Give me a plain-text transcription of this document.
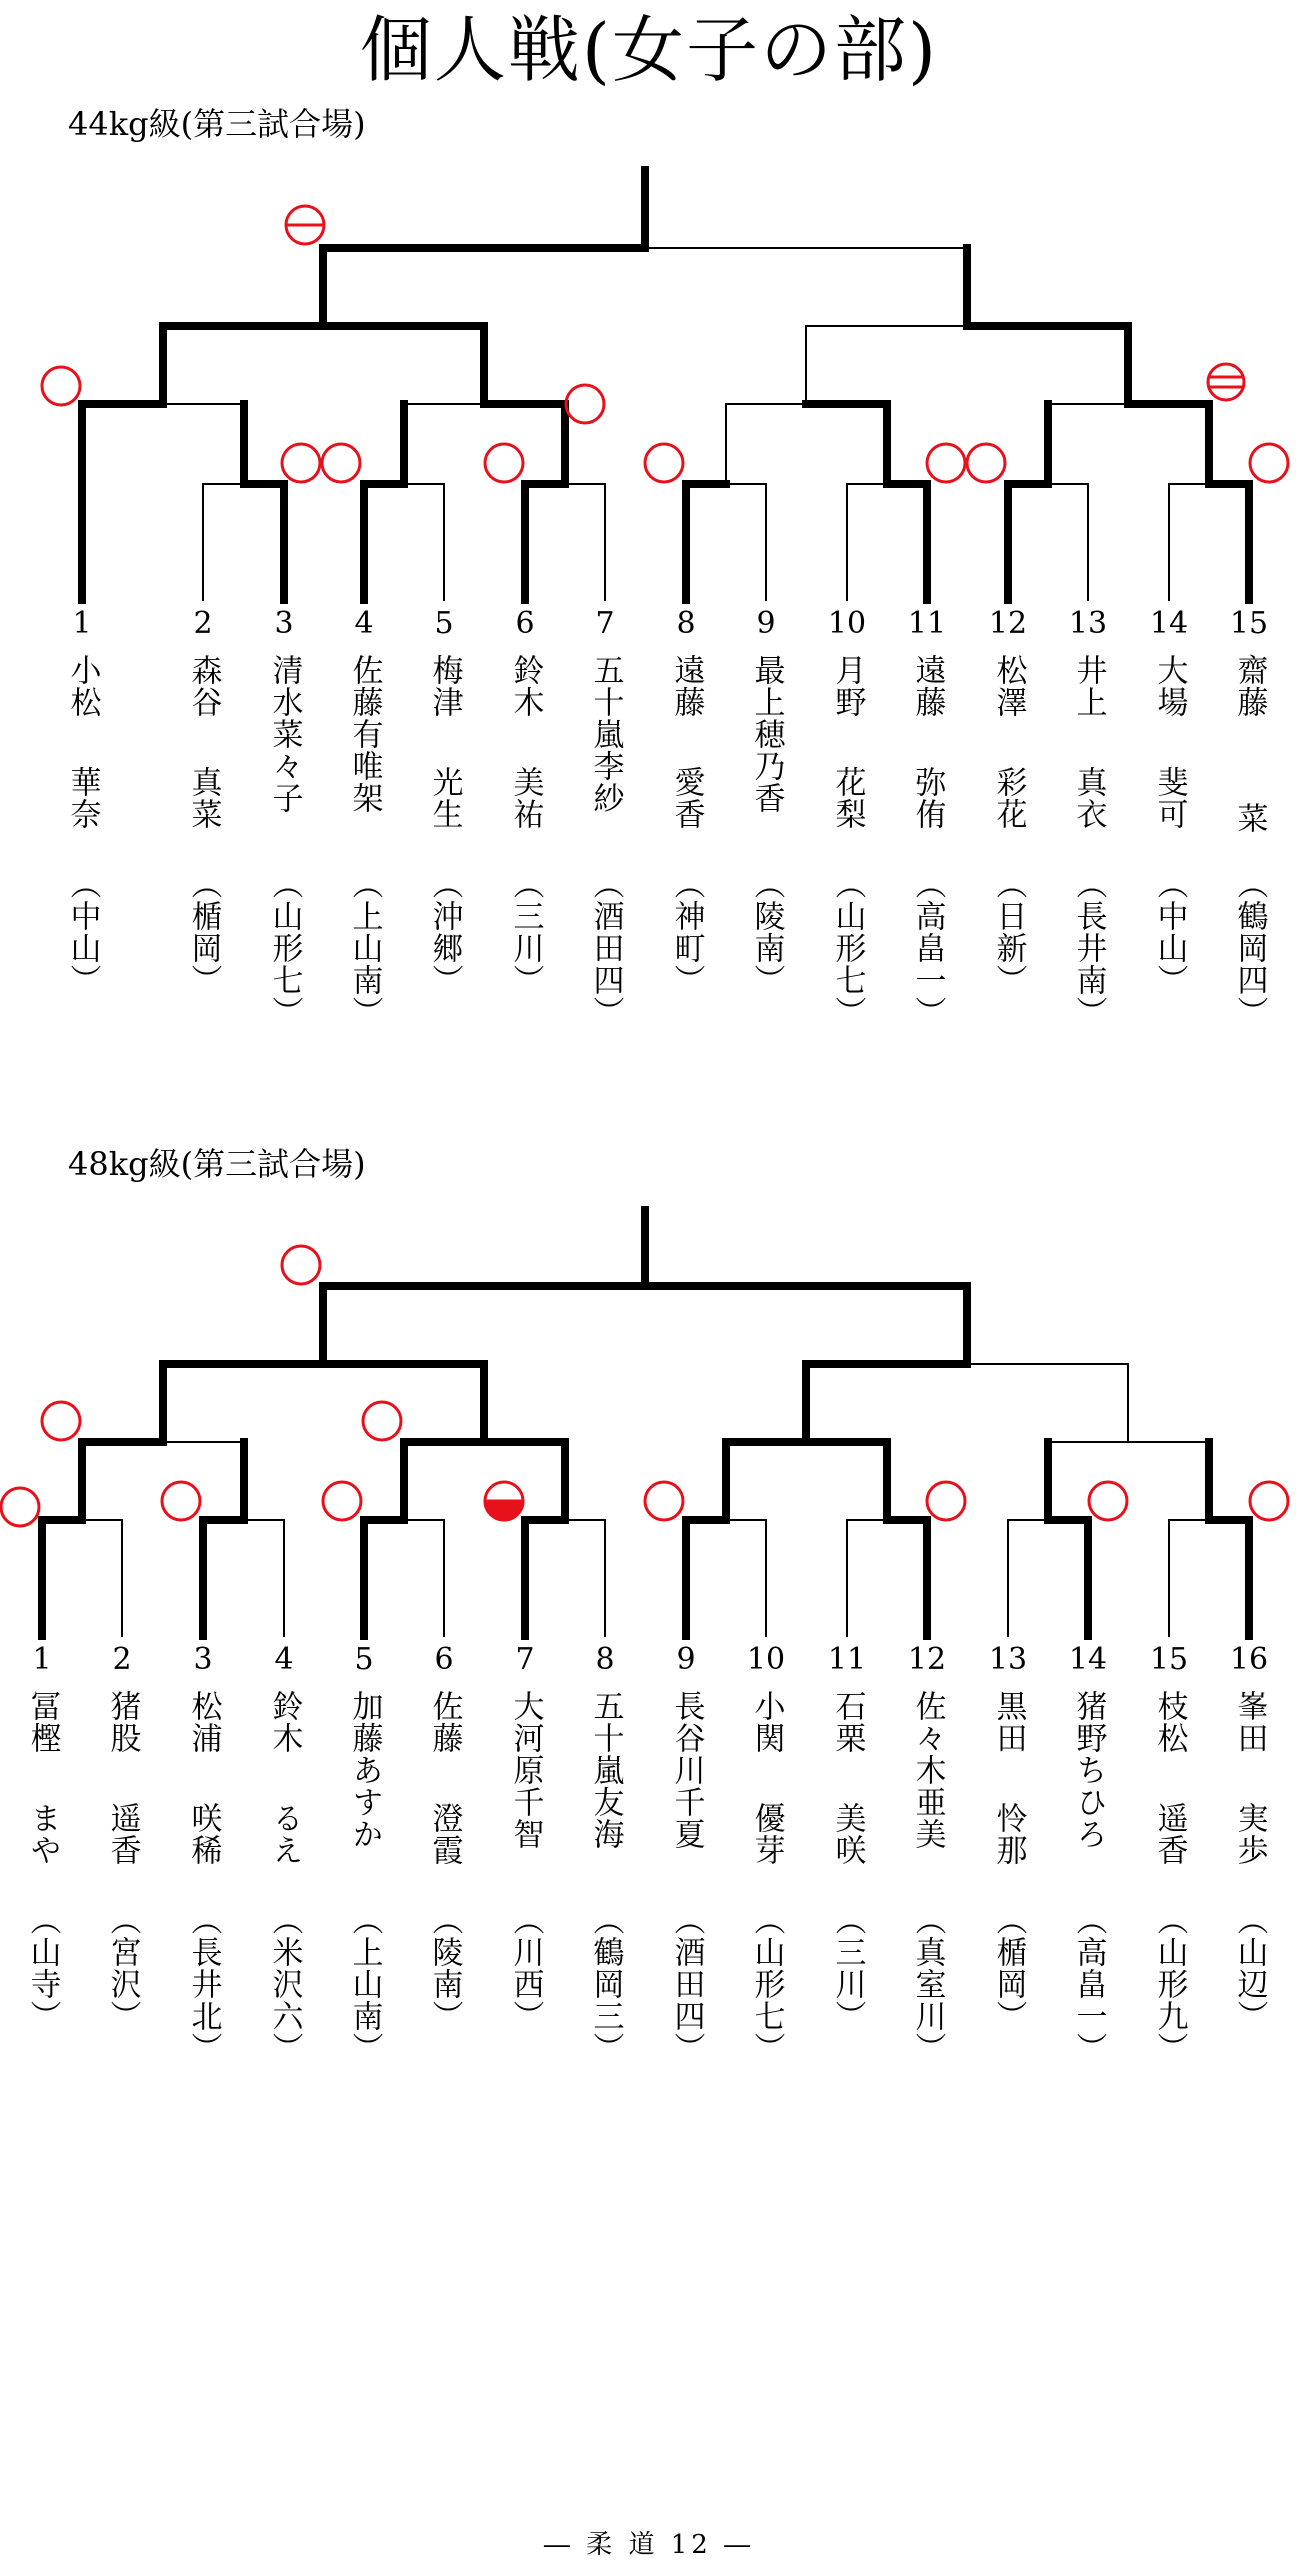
個人戦(女子の部)
44kg級(第三試合場)
1
小松
華奈
（中山）
2
森谷
真菜
（楯岡）
3
清水菜々子
（山形七）
4
佐藤有唯架
（上山南）
5
梅津
光生
（沖郷）
6
鈴木
美祐
（三川）
7
五十嵐李紗
（酒田四）
8
遠藤
愛香
（神町）
9
最上穂乃香
（陵南）
10
月野
花梨
（山形七）
11
遠藤
弥侑
（高畠一）
12
松澤
彩花
（日新）
13
井上
真衣
（長井南）
14
大場
斐可
（中山）
15
齋藤
菜
（鶴岡四）
48kg級(第三試合場)
1
冨樫
まや
（山寺）
2
猪股
遥香
（宮沢）
3
松浦
咲稀
（長井北）
4
鈴木
るえ
（米沢六）
5
加藤あすか
（上山南）
6
佐藤
澄霞
（陵南）
7
大河原千智
（川西）
8
五十嵐友海
（鶴岡三）
9
長谷川千夏
（酒田四）
10
小関
優芽
（山形七）
11
石栗
美咲
（三川）
12
佐々木亜美
（真室川）
13
黒田
怜那
（楯岡）
14
猪野ちひろ
（高畠一）
15
枝松
遥香
（山形九）
16
峯田
実歩
（山辺）
― 柔 道 12 ―
